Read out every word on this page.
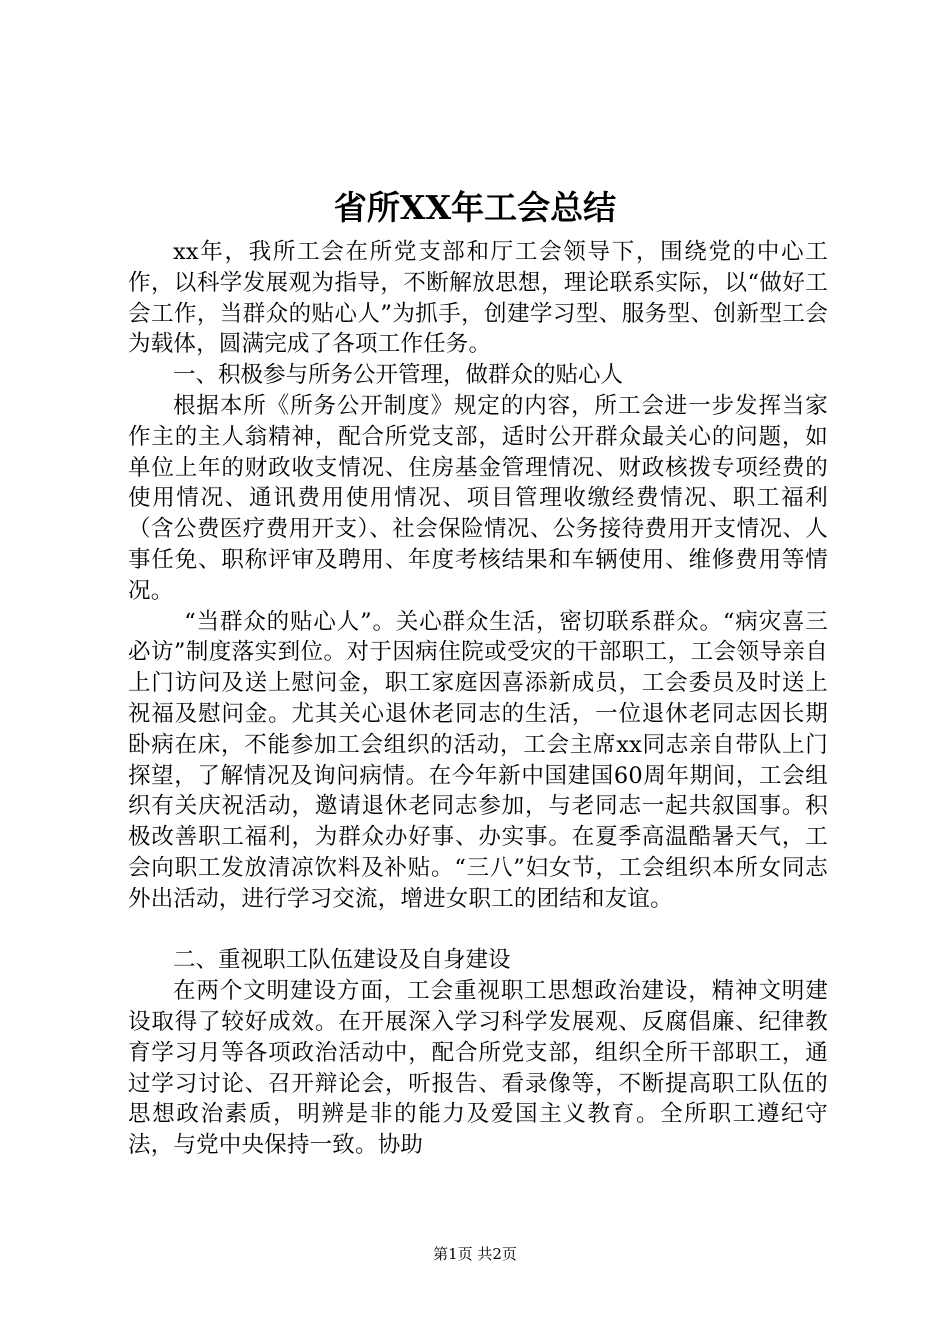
省所XX年工会总结

xx年，我所工会在所党支部和厅工会领导下，围绕党的中心工作，以科学发展观为指导，不断解放思想，理论联系实际，以“做好工会工作，当群众的贴心人”为抓手，创建学习型、服务型、创新型工会为载体，圆满完成了各项工作任务。

一、积极参与所务公开管理，做群众的贴心人

根据本所《所务公开制度》规定的内容，所工会进一步发挥当家作主的主人翁精神，配合所党支部，适时公开群众最关心的问题，如单位上年的财政收支情况、住房基金管理情况、财政核拨专项经费的使用情况、通讯费用使用情况、项目管理收缴经费情况、职工福利（含公费医疗费用开支）、社会保险情况、公务接待费用开支情况、人事任免、职称评审及聘用、年度考核结果和车辆使用、维修费用等情况。

“当群众的贴心人”。关心群众生活，密切联系群众。“病灾喜三必访”制度落实到位。对于因病住院或受灾的干部职工，工会领导亲自上门访问及送上慰问金，职工家庭因喜添新成员，工会委员及时送上祝福及慰问金。尤其关心退休老同志的生活，一位退休老同志因长期卧病在床，不能参加工会组织的活动，工会主席xx同志亲自带队上门探望，了解情况及询问病情。在今年新中国建国60周年期间，工会组织有关庆祝活动，邀请退休老同志参加，与老同志一起共叙国事。积极改善职工福利，为群众办好事、办实事。在夏季高温酷暑天气，工会向职工发放清凉饮料及补贴。“三八”妇女节，工会组织本所女同志外出活动，进行学习交流，增进女职工的团结和友谊。

二、重视职工队伍建设及自身建设

在两个文明建设方面，工会重视职工思想政治建设，精神文明建设取得了较好成效。在开展深入学习科学发展观、反腐倡廉、纪律教育学习月等各项政治活动中，配合所党支部，组织全所干部职工，通过学习讨论、召开辩论会，听报告、看录像等，不断提高职工队伍的思想政治素质，明辨是非的能力及爱国主义教育。全所职工遵纪守法，与党中央保持一致。协助

第1页 共2页
